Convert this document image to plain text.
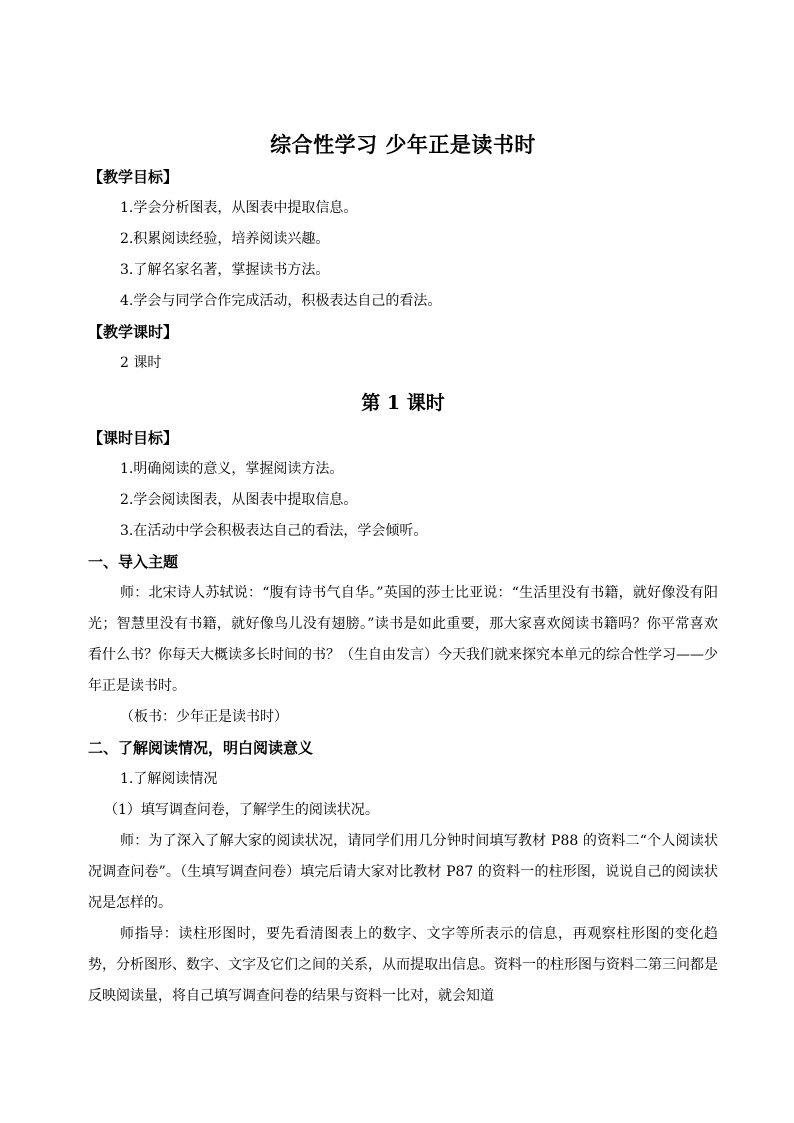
综合性学习 少年正是读书时
【教学目标】
1.学会分析图表，从图表中提取信息。
2.积累阅读经验，培养阅读兴趣。
3.了解名家名著，掌握读书方法。
4.学会与同学合作完成活动，积极表达自己的看法。
【教学课时】
2 课时
第 1 课时
【课时目标】
1.明确阅读的意义，掌握阅读方法。
2.学会阅读图表，从图表中提取信息。
3.在活动中学会积极表达自己的看法，学会倾听。
一、导入主题
师：北宋诗人苏轼说：“腹有诗书气自华。”英国的莎士比亚说：“生活里没有书籍，就好像没有阳光；智慧里没有书籍，就好像鸟儿没有翅膀。”读书是如此重要，那大家喜欢阅读书籍吗？你平常喜欢看什么书？你每天大概读多长时间的书？（生自由发言）今天我们就来探究本单元的综合性学习——少年正是读书时。
（板书：少年正是读书时）
二、了解阅读情况，明白阅读意义
1.了解阅读情况
（1）填写调查问卷，了解学生的阅读状况。
师：为了深入了解大家的阅读状况，请同学们用几分钟时间填写教材 P88 的资料二“个人阅读状况调查问卷”。（生填写调查问卷）填完后请大家对比教材 P87 的资料一的柱形图，说说自己的阅读状况是怎样的。
师指导：读柱形图时，要先看清图表上的数字、文字等所表示的信息，再观察柱形图的变化趋势，分析图形、数字、文字及它们之间的关系，从而提取出信息。资料一的柱形图与资料二第三问都是反映阅读量，将自己填写调查问卷的结果与资料一比对，就会知道
